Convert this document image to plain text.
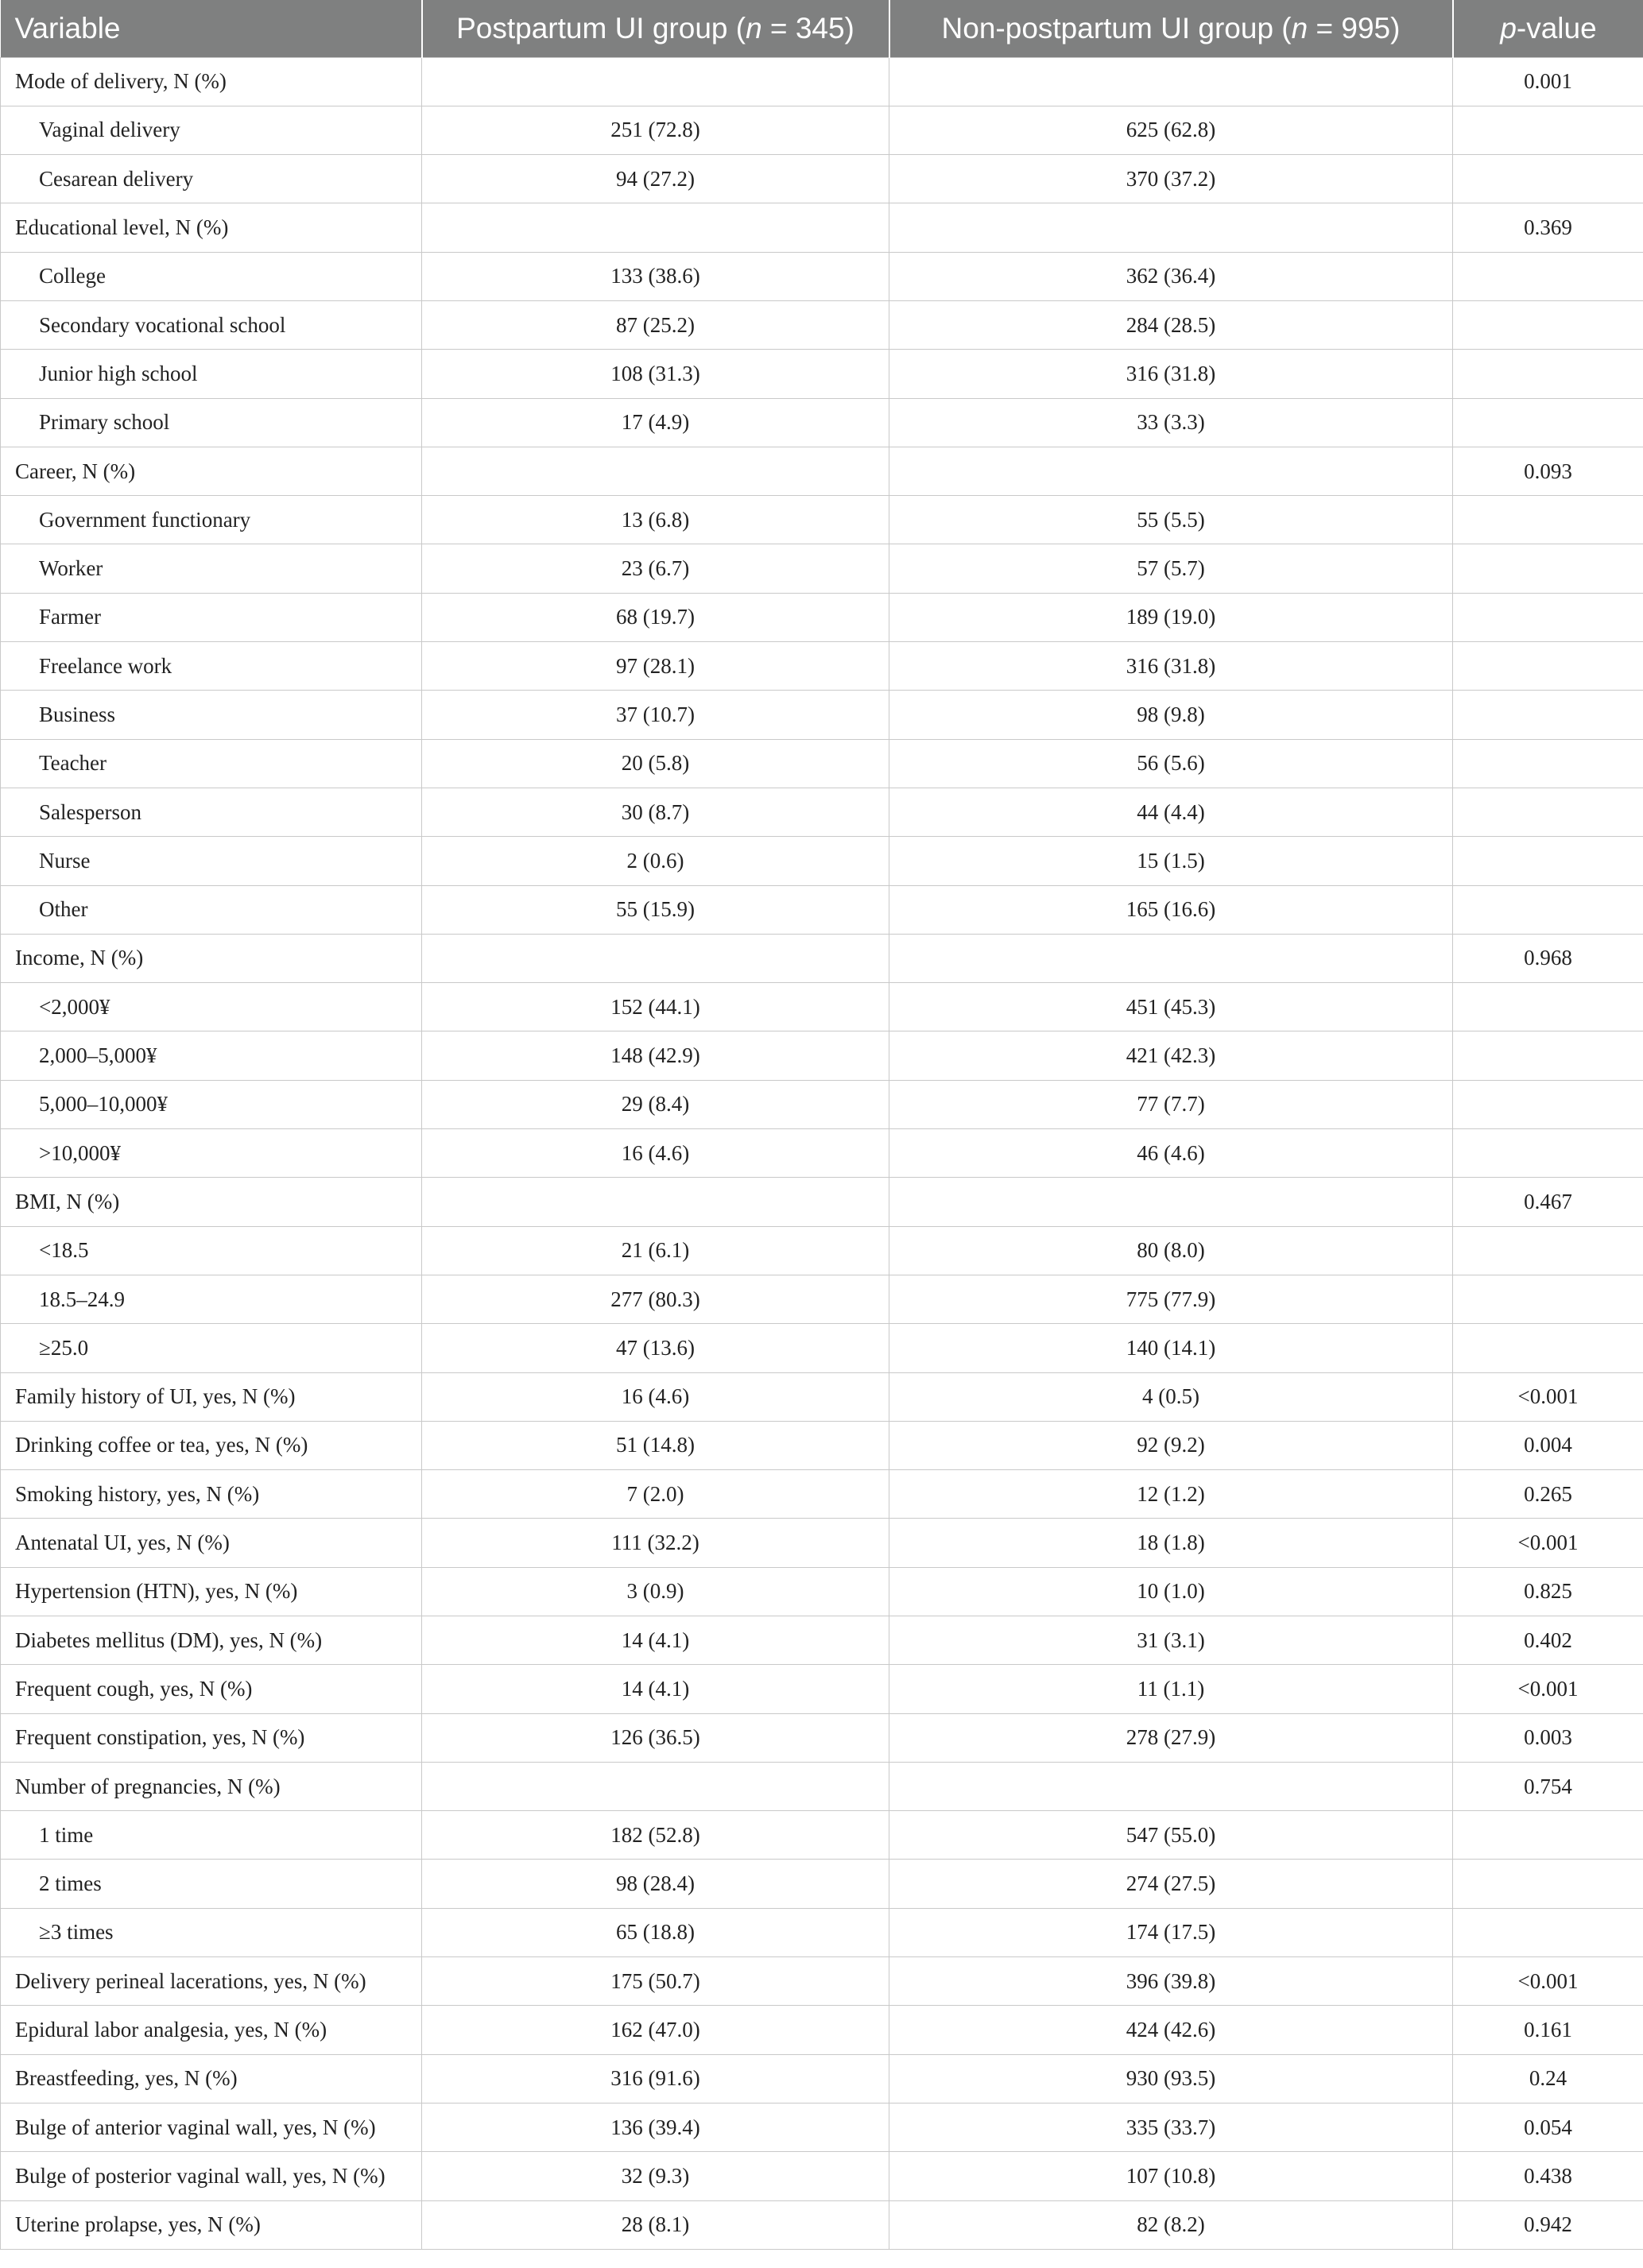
Variable	Postpartum UI group (n = 345)	Non-postpartum UI group (n = 995)	p-value
Mode of delivery, N (%)			0.001
Vaginal delivery	251 (72.8)	625 (62.8)	
Cesarean delivery	94 (27.2)	370 (37.2)	
Educational level, N (%)			0.369
College	133 (38.6)	362 (36.4)	
Secondary vocational school	87 (25.2)	284 (28.5)	
Junior high school	108 (31.3)	316 (31.8)	
Primary school	17 (4.9)	33 (3.3)	
Career, N (%)			0.093
Government functionary	13 (6.8)	55 (5.5)	
Worker	23 (6.7)	57 (5.7)	
Farmer	68 (19.7)	189 (19.0)	
Freelance work	97 (28.1)	316 (31.8)	
Business	37 (10.7)	98 (9.8)	
Teacher	20 (5.8)	56 (5.6)	
Salesperson	30 (8.7)	44 (4.4)	
Nurse	2 (0.6)	15 (1.5)	
Other	55 (15.9)	165 (16.6)	
Income, N (%)			0.968
<2,000¥	152 (44.1)	451 (45.3)	
2,000–5,000¥	148 (42.9)	421 (42.3)	
5,000–10,000¥	29 (8.4)	77 (7.7)	
>10,000¥	16 (4.6)	46 (4.6)	
BMI, N (%)			0.467
<18.5	21 (6.1)	80 (8.0)	
18.5–24.9	277 (80.3)	775 (77.9)	
≥25.0	47 (13.6)	140 (14.1)	
Family history of UI, yes, N (%)	16 (4.6)	4 (0.5)	<0.001
Drinking coffee or tea, yes, N (%)	51 (14.8)	92 (9.2)	0.004
Smoking history, yes, N (%)	7 (2.0)	12 (1.2)	0.265
Antenatal UI, yes, N (%)	111 (32.2)	18 (1.8)	<0.001
Hypertension (HTN), yes, N (%)	3 (0.9)	10 (1.0)	0.825
Diabetes mellitus (DM), yes, N (%)	14 (4.1)	31 (3.1)	0.402
Frequent cough, yes, N (%)	14 (4.1)	11 (1.1)	<0.001
Frequent constipation, yes, N (%)	126 (36.5)	278 (27.9)	0.003
Number of pregnancies, N (%)			0.754
1 time	182 (52.8)	547 (55.0)	
2 times	98 (28.4)	274 (27.5)	
≥3 times	65 (18.8)	174 (17.5)	
Delivery perineal lacerations, yes, N (%)	175 (50.7)	396 (39.8)	<0.001
Epidural labor analgesia, yes, N (%)	162 (47.0)	424 (42.6)	0.161
Breastfeeding, yes, N (%)	316 (91.6)	930 (93.5)	0.24
Bulge of anterior vaginal wall, yes, N (%)	136 (39.4)	335 (33.7)	0.054
Bulge of posterior vaginal wall, yes, N (%)	32 (9.3)	107 (10.8)	0.438
Uterine prolapse, yes, N (%)	28 (8.1)	82 (8.2)	0.942
